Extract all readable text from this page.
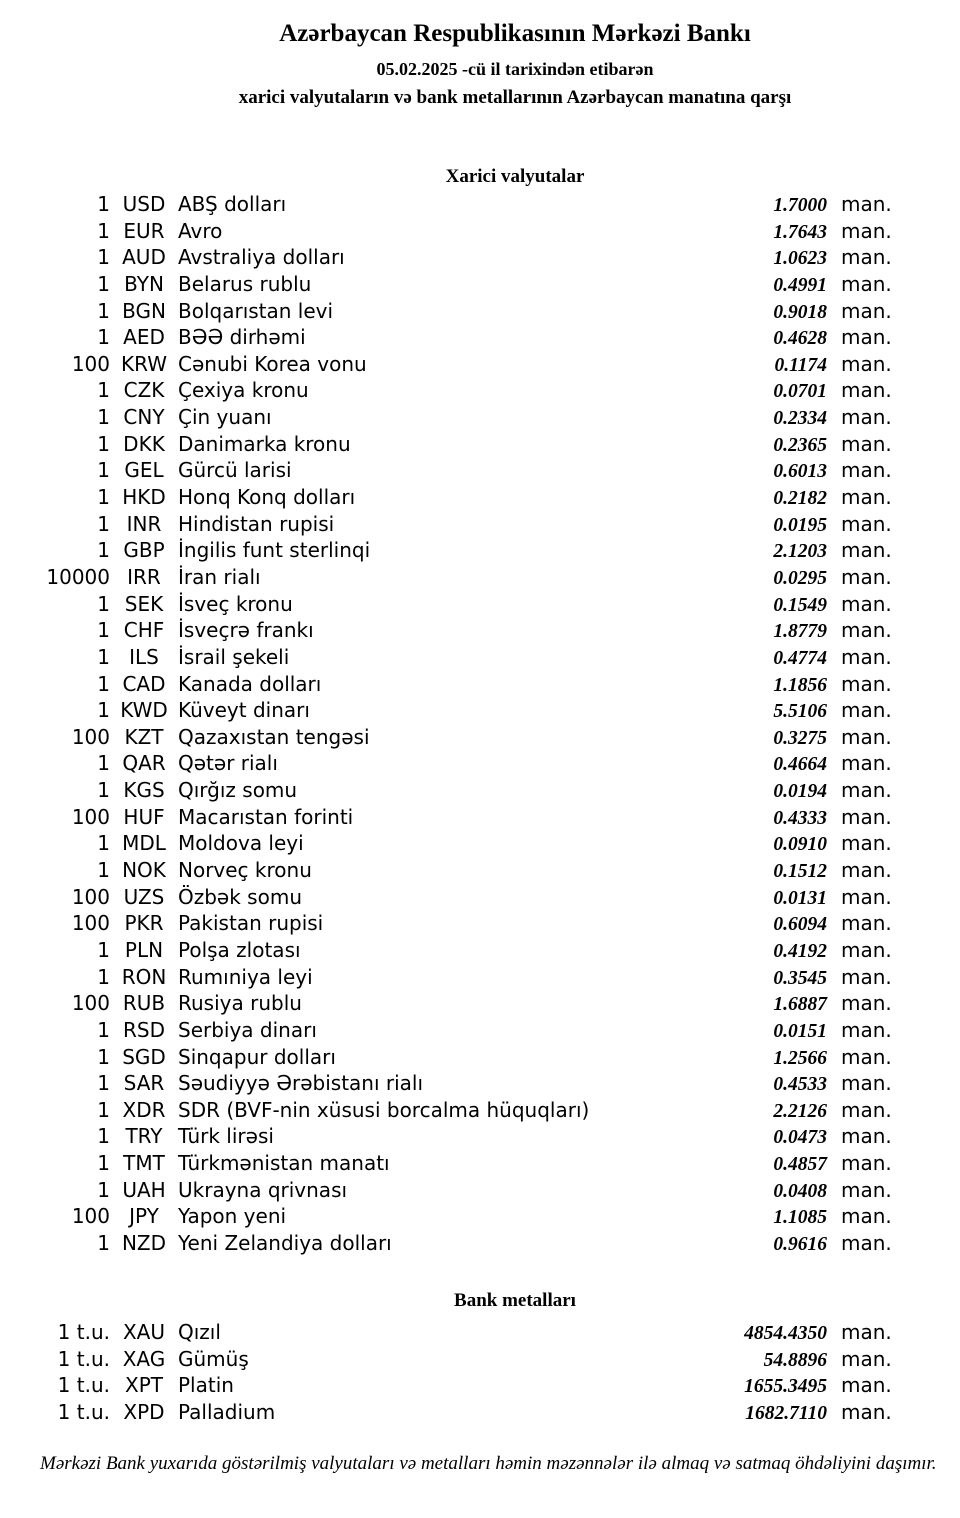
Azərbaycan Respublikasının Mərkəzi Bankı
05.02.2025 -cü il tarixindən etibarən
xarici valyutaların və bank metallarının Azərbaycan manatına qarşı
Xarici valyutalar
1 USD ABŞ dolları	1.7000 man.
1 EUR Avro	1.7643 man.
1 AUD Avstraliya dolları	1.0623 man.
1 BYN Belarus rublu	0.4991 man.
1 BGN Bolqarıstan levi	0.9018 man.
1 AED BƏƏ dirhəmi	0.4628 man.
100 KRW Cənubi Korea vonu	0.1174 man.
1 CZK Çexiya kronu	0.0701 man.
1 CNY Çin yuanı	0.2334 man.
1 DKK Danimarka kronu	0.2365 man.
1 GEL Gürcü larisi	0.6013 man.
1 HKD Honq Konq dolları	0.2182 man.
1 INR Hindistan rupisi	0.0195 man.
1 GBP İngilis funt sterlinqi	2.1203 man.
10000 IRR İran rialı	0.0295 man.
1 SEK İsveç kronu	0.1549 man.
1 CHF İsveçrə frankı	1.8779 man.
1 ILS İsrail şekeli	0.4774 man.
1 CAD Kanada dolları	1.1856 man.
1 KWD Küveyt dinarı	5.5106 man.
100 KZT Qazaxıstan tengəsi	0.3275 man.
1 QAR Qətər rialı	0.4664 man.
1 KGS Qırğız somu	0.0194 man.
100 HUF Macarıstan forinti	0.4333 man.
1 MDL Moldova leyi	0.0910 man.
1 NOK Norveç kronu	0.1512 man.
100 UZS Özbək somu	0.0131 man.
100 PKR Pakistan rupisi	0.6094 man.
1 PLN Polşa zlotası	0.4192 man.
1 RON Rumıniya leyi	0.3545 man.
100 RUB Rusiya rublu	1.6887 man.
1 RSD Serbiya dinarı	0.0151 man.
1 SGD Sinqapur dolları	1.2566 man.
1 SAR Səudiyyə Ərəbistanı rialı	0.4533 man.
1 XDR SDR (BVF-nin xüsusi borcalma hüquqları)	2.2126 man.
1 TRY Türk lirəsi	0.0473 man.
1 TMT Türkmənistan manatı	0.4857 man.
1 UAH Ukrayna qrivnası	0.0408 man.
100 JPY Yapon yeni	1.1085 man.
1 NZD Yeni Zelandiya dolları	0.9616 man.
Bank metalları
1 t.u. XAU Qızıl	4854.4350 man.
1 t.u. XAG Gümüş	54.8896 man.
1 t.u. XPT Platin	1655.3495 man.
1 t.u. XPD Palladium	1682.7110 man.
Mərkəzi Bank yuxarıda göstərilmiş valyutaları və metalları həmin məzənnələr ilə almaq və satmaq öhdəliyini daşımır.
